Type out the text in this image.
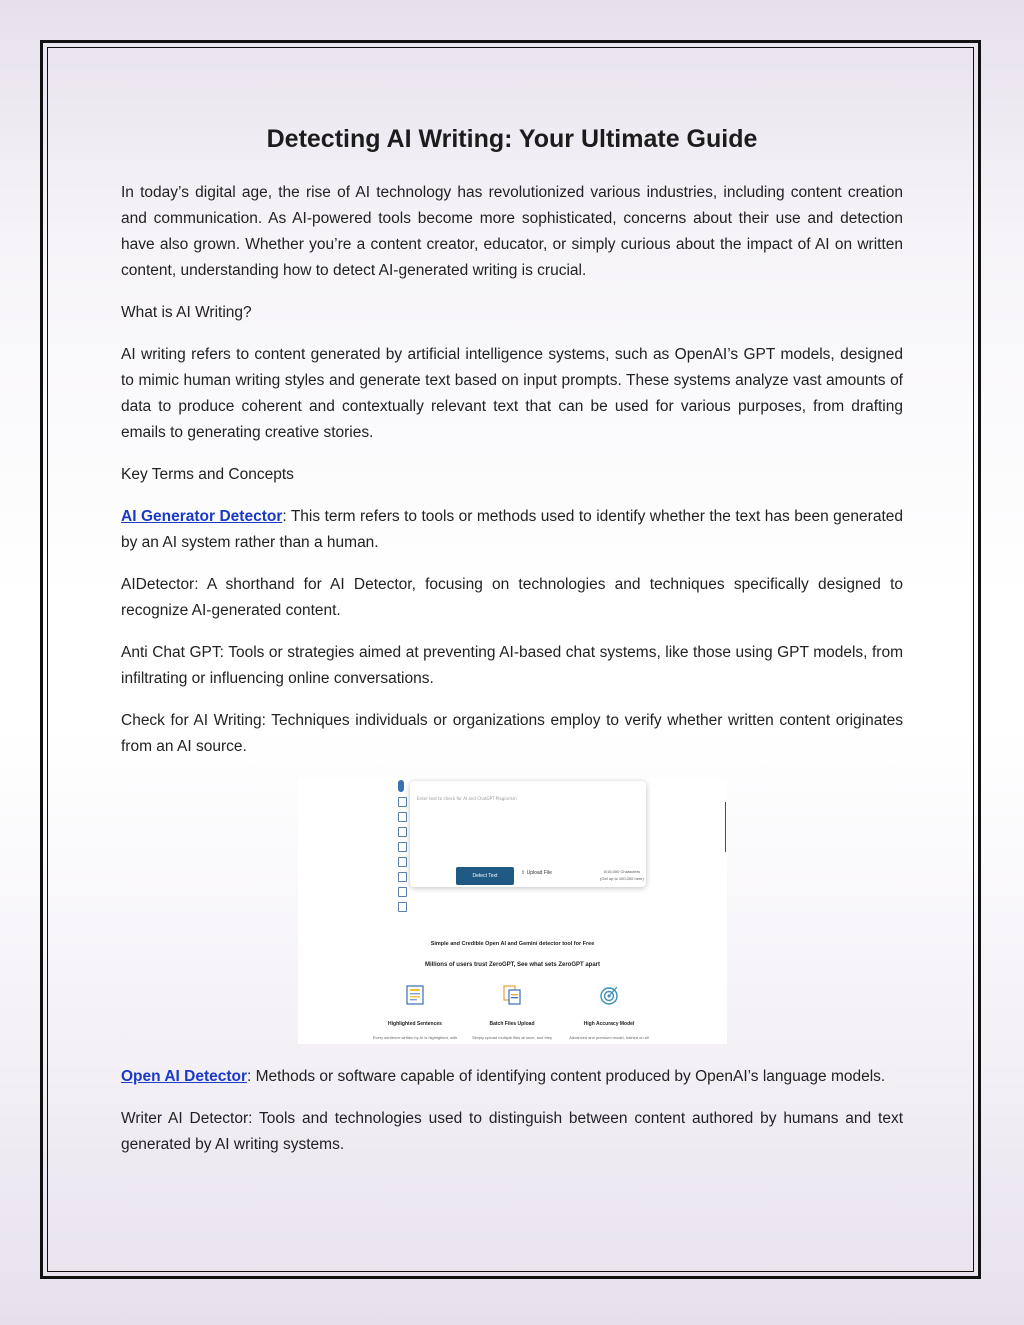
Detecting AI Writing: Your Ultimate Guide

In today’s digital age, the rise of AI technology has revolutionized various industries, including content creation and communication. As AI-powered tools become more sophisticated, concerns about their use and detection have also grown. Whether you’re a content creator, educator, or simply curious about the impact of AI on written content, understanding how to detect AI-generated writing is crucial.

What is AI Writing?

AI writing refers to content generated by artificial intelligence systems, such as OpenAI’s GPT models, designed to mimic human writing styles and generate text based on input prompts. These systems analyze vast amounts of data to produce coherent and contextually relevant text that can be used for various purposes, from drafting emails to generating creative stories.

Key Terms and Concepts

AI Generator Detector: This term refers to tools or methods used to identify whether the text has been generated by an AI system rather than a human.

AIDetector: A shorthand for AI Detector, focusing on technologies and techniques specifically designed to recognize AI-generated content.

Anti Chat GPT: Tools or strategies aimed at preventing AI-based chat systems, like those using GPT models, from infiltrating or influencing online conversations.

Check for AI Writing: Techniques individuals or organizations employ to verify whether written content originates from an AI source.

Enter text to check for AI and ChatGPT Plagiarism
Detect Text	⇪ Upload File	0/15,000 Characters
(Get up to 100,000 here)
Simple and Credible Open AI and Gemini detector tool for Free
Millions of users trust ZeroGPT, See what sets ZeroGPT apart
Highlighted Sentences
Every sentence written by AI is highlighted, with
Batch Files Upload
Simply upload multiple files at once, and they
High Accuracy Model
Advanced and premium model, trained on all

Open AI Detector: Methods or software capable of identifying content produced by OpenAI’s language models.

Writer AI Detector: Tools and technologies used to distinguish between content authored by humans and text generated by AI writing systems.
